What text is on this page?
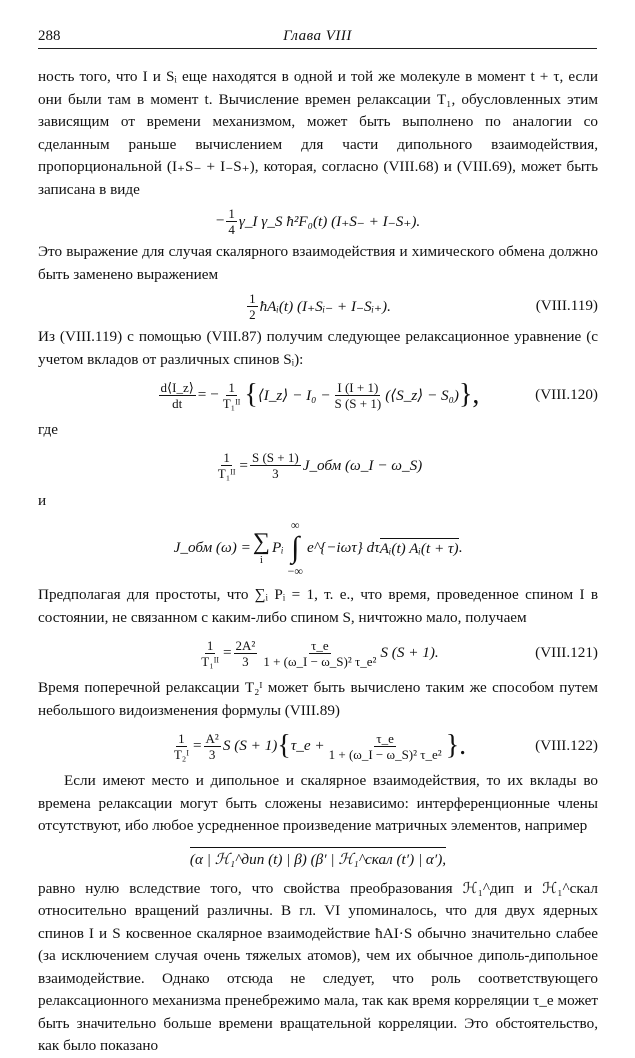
288	Глава VIII

ность того, что I и Sᵢ еще находятся в одной и той же молекуле в момент t + τ, если они были там в момент t. Вычисление времен релаксации T₁, обусловленных этим зависящим от времени механизмом, может быть выполнено по аналогии со сделанным раньше вычислением для части дипольного взаимодействия, пропорциональной (I₊S₋ + I₋S₊), которая, согласно (VIII.68) и (VIII.69), может быть записана в виде

− $\frac{1}{4}$ γ_I γ_S ħ²F₀(t) (I₊S₋ + I₋S₊).

Это выражение для случая скалярного взаимодействия и химического обмена должно быть заменено выражением

$\frac{1}{2}$ ħAᵢ(t) (I₊Sᵢ₋ + I₋Sᵢ₊).	(VIII.119)

Из (VIII.119) с помощью (VIII.87) получим следующее релаксационное уравнение (с учетом вкладов от различных спинов Sᵢ):

$\frac{d⟨I\_z⟩}{dt}$ = − $\frac{1}{\text{T₁ᴵᴵ}}$ { ⟨I_z⟩ − $I_0 - \frac{I (I + 1)}{S (S + 1)}$ (⟨S_z⟩ − S₀) },	(VIII.120)
где
$\frac{1}{\text{T₁ᴵᴵ}} = \frac{S (S + 1)}{3}$ J_обм (ω_I − ω_S)
и
J_обм (ω) = ∑
i
Pᵢ
∞
∫
−∞
e^{−iωτ} dτ Aᵢ(t) Aᵢ(t + τ) .

Предполагая для простоты, что ∑ᵢ Pᵢ = 1, т. е., что время, проведенное спином I в состоянии, не связанном с каким-либо спином S, ничтожно мало, получаем

$\frac{1}{\text{T₁ᴵᴵ}} = \frac{\text{2A²}}{3} \frac{\tau\_e}{\text{1 + (ω\_I − ω\_S)² τ\_e²}}$ S (S + 1).	(VIII.121)

Время поперечной релаксации T₂ᴵ может быть вычислено таким же способом путем небольшого видоизменения формулы (VIII.89)

$\frac{1}{\text{T₂ᴵ}} = \frac{\text{A²}}{3}$ S (S + 1) { τ_e + $\frac{\tau\_e}{\text{1 + (ω\_I − ω\_S)² τ\_e²}}$ }.	(VIII.122)

Если имеют место и дипольное и скалярное взаимодействия, то их вклады во времена релаксации могут быть сложены независимо: интерференционные члены отсутствуют, ибо любое усредненное произведение матричных элементов, например

(α | ℋ₁^дип (t) | β) (β′ | ℋ₁^скал (t′) | α′),

равно нулю вследствие того, что свойства преобразования ℋ₁^дип и ℋ₁^скал относительно вращений различны. В гл. VI упоминалось, что для двух ядерных спинов I и S косвенное скалярное взаимодействие ħAI·S обычно значительно слабее (за исключением случая очень тяжелых атомов), чем их обычное диполь-дипольное взаимодействие. Однако отсюда не следует, что роль соответствующего релаксационного механизма пренебрежимо мала, так как время корреляции τ_e может быть значительно больше времени вращательной корреляции. Это обстоятельство, как было показано
